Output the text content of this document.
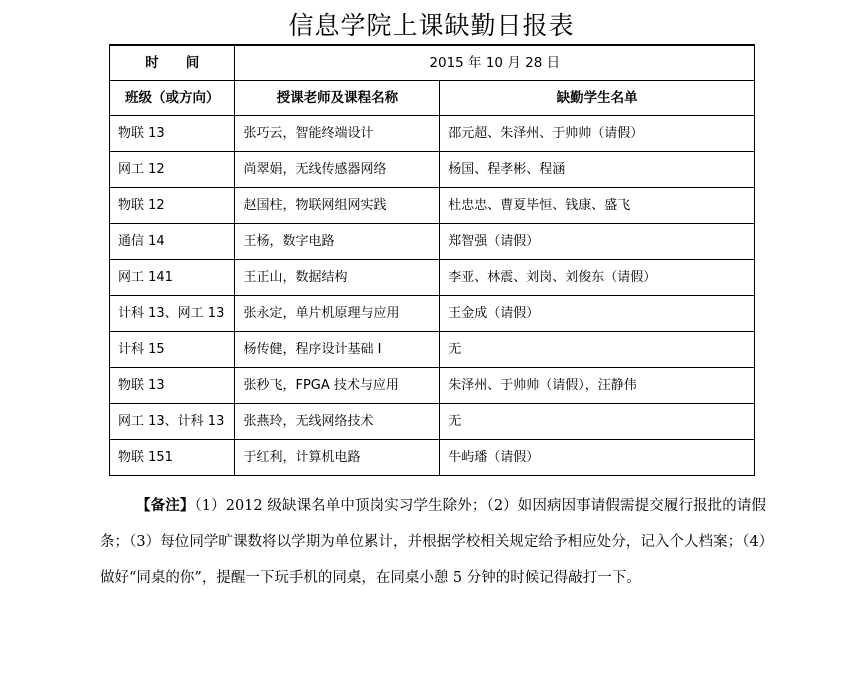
信息学院上课缺勤日报表
时　　间	2015 年 10 月 28 日	
班级（或方向）	授课老师及课程名称	缺勤学生名单
物联 13	张巧云，智能终端设计	邵元超、朱泽州、于帅帅（请假）
网工 12	尚翠娟，无线传感器网络	杨国、程孝彬、程涵
物联 12	赵国柱，物联网组网实践	杜忠忠、曹夏毕恒、钱康、盛飞
通信 14	王杨，数字电路	郑智强（请假）
网工 141	王正山，数据结构	李亚、林震、刘岗、刘俊东（请假）
计科 13、网工 13	张永定，单片机原理与应用	王金成（请假）
计科 15	杨传健，程序设计基础 I	无
物联 13	张秒飞，FPGA 技术与应用	朱泽州、于帅帅（请假），汪静伟
网工 13、计科 13	张燕玲，无线网络技术	无
物联 151	于红利，计算机电路	牛屿璠（请假）
【备注】（1）2012 级缺课名单中顶岗实习学生除外；（2）如因病因事请假需提交履行报批的请假条；（3）每位同学旷课数将以学期为单位累计，并根据学校相关规定给予相应处分，记入个人档案；（4）做好“同桌的你”，提醒一下玩手机的同桌，在同桌小憩 5 分钟的时候记得敲打一下。
